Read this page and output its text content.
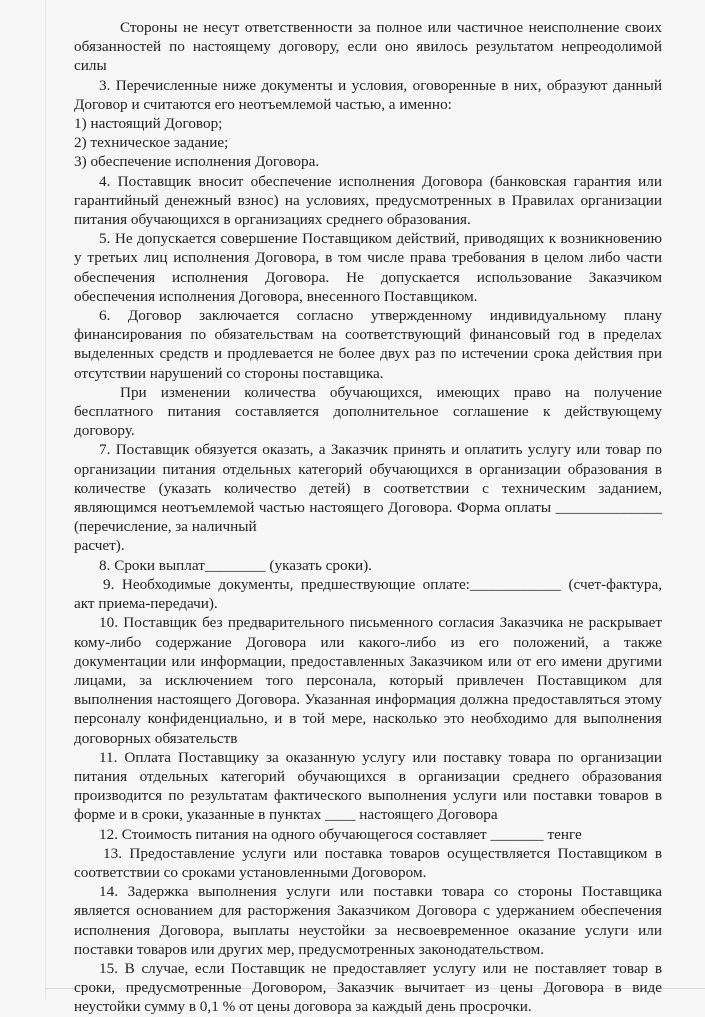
Стороны не несут ответственности за полное или частичное неисполнение своих обязанностей по настоящему договору, если оно явилось результатом непреодолимой силы

3. Перечисленные ниже документы и условия, оговоренные в них, образуют данный Договор и считаются его неотъемлемой частью, а именно:

1) настоящий Договор;

2) техническое задание;

3) обеспечение исполнения Договора.

4. Поставщик вносит обеспечение исполнения Договора (банковская гарантия или гарантийный денежный взнос) на условиях, предусмотренных в Правилах организации питания обучающихся в организациях среднего образования.

5. Не допускается совершение Поставщиком действий, приводящих к возникновению у третьих лиц исполнения Договора, в том числе права требования в целом либо части обеспечения исполнения Договора. Не допускается использование Заказчиком обеспечения исполнения Договора, внесенного Поставщиком.

6. Договор заключается согласно утвержденному индивидуальному плану финансирования по обязательствам на соответствующий финансовый год в пределах выделенных средств и продлевается не более двух раз по истечении срока действия при отсутствии нарушений со стороны поставщика.

При изменении количества обучающихся, имеющих право на получение бесплатного питания составляется дополнительное соглашение к действующему договору.

7. Поставщик обязуется оказать, а Заказчик принять и оплатить услугу или товар по организации питания отдельных категорий обучающихся в организации образования в количестве (указать количество детей) в соответствии с техническим заданием, являющимся неотъемлемой частью настоящего Договора. Форма оплаты ______________ (перечисление, за наличный

расчет).

8. Сроки выплат________ (указать сроки).

9. Необходимые документы, предшествующие оплате:____________ (счет-фактура, акт приема-передачи).

10. Поставщик без предварительного письменного согласия Заказчика не раскрывает кому-либо содержание Договора или какого-либо из его положений, а также документации или информации, предоставленных Заказчиком или от его имени другими лицами, за исключением того персонала, который привлечен Поставщиком для выполнения настоящего Договора. Указанная информация должна предоставляться этому персоналу конфиденциально, и в той мере, насколько это необходимо для выполнения договорных обязательств

11. Оплата Поставщику за оказанную услугу или поставку товара по организации питания отдельных категорий обучающихся в организации среднего образования производится по результатам фактического выполнения услуги или поставки товаров в форме и в сроки, указанные в пунктах ____ настоящего Договора

12. Стоимость питания на одного обучающегося составляет _______ тенге

13. Предоставление услуги или поставка товаров осуществляется Поставщиком в соответствии со сроками установленными Договором.

14. Задержка выполнения услуги или поставки товара со стороны Поставщика является основанием для расторжения Заказчиком Договора с удержанием обеспечения исполнения Договора, выплаты неустойки за несвоевременное оказание услуги или поставки товаров или других мер, предусмотренных законодательством.

15. В случае, если Поставщик не предоставляет услугу или не поставляет товар в сроки, предусмотренные Договором, Заказчик вычитает из цены Договора в виде неустойки сумму в 0,1 % от цены договора за каждый день просрочки.
